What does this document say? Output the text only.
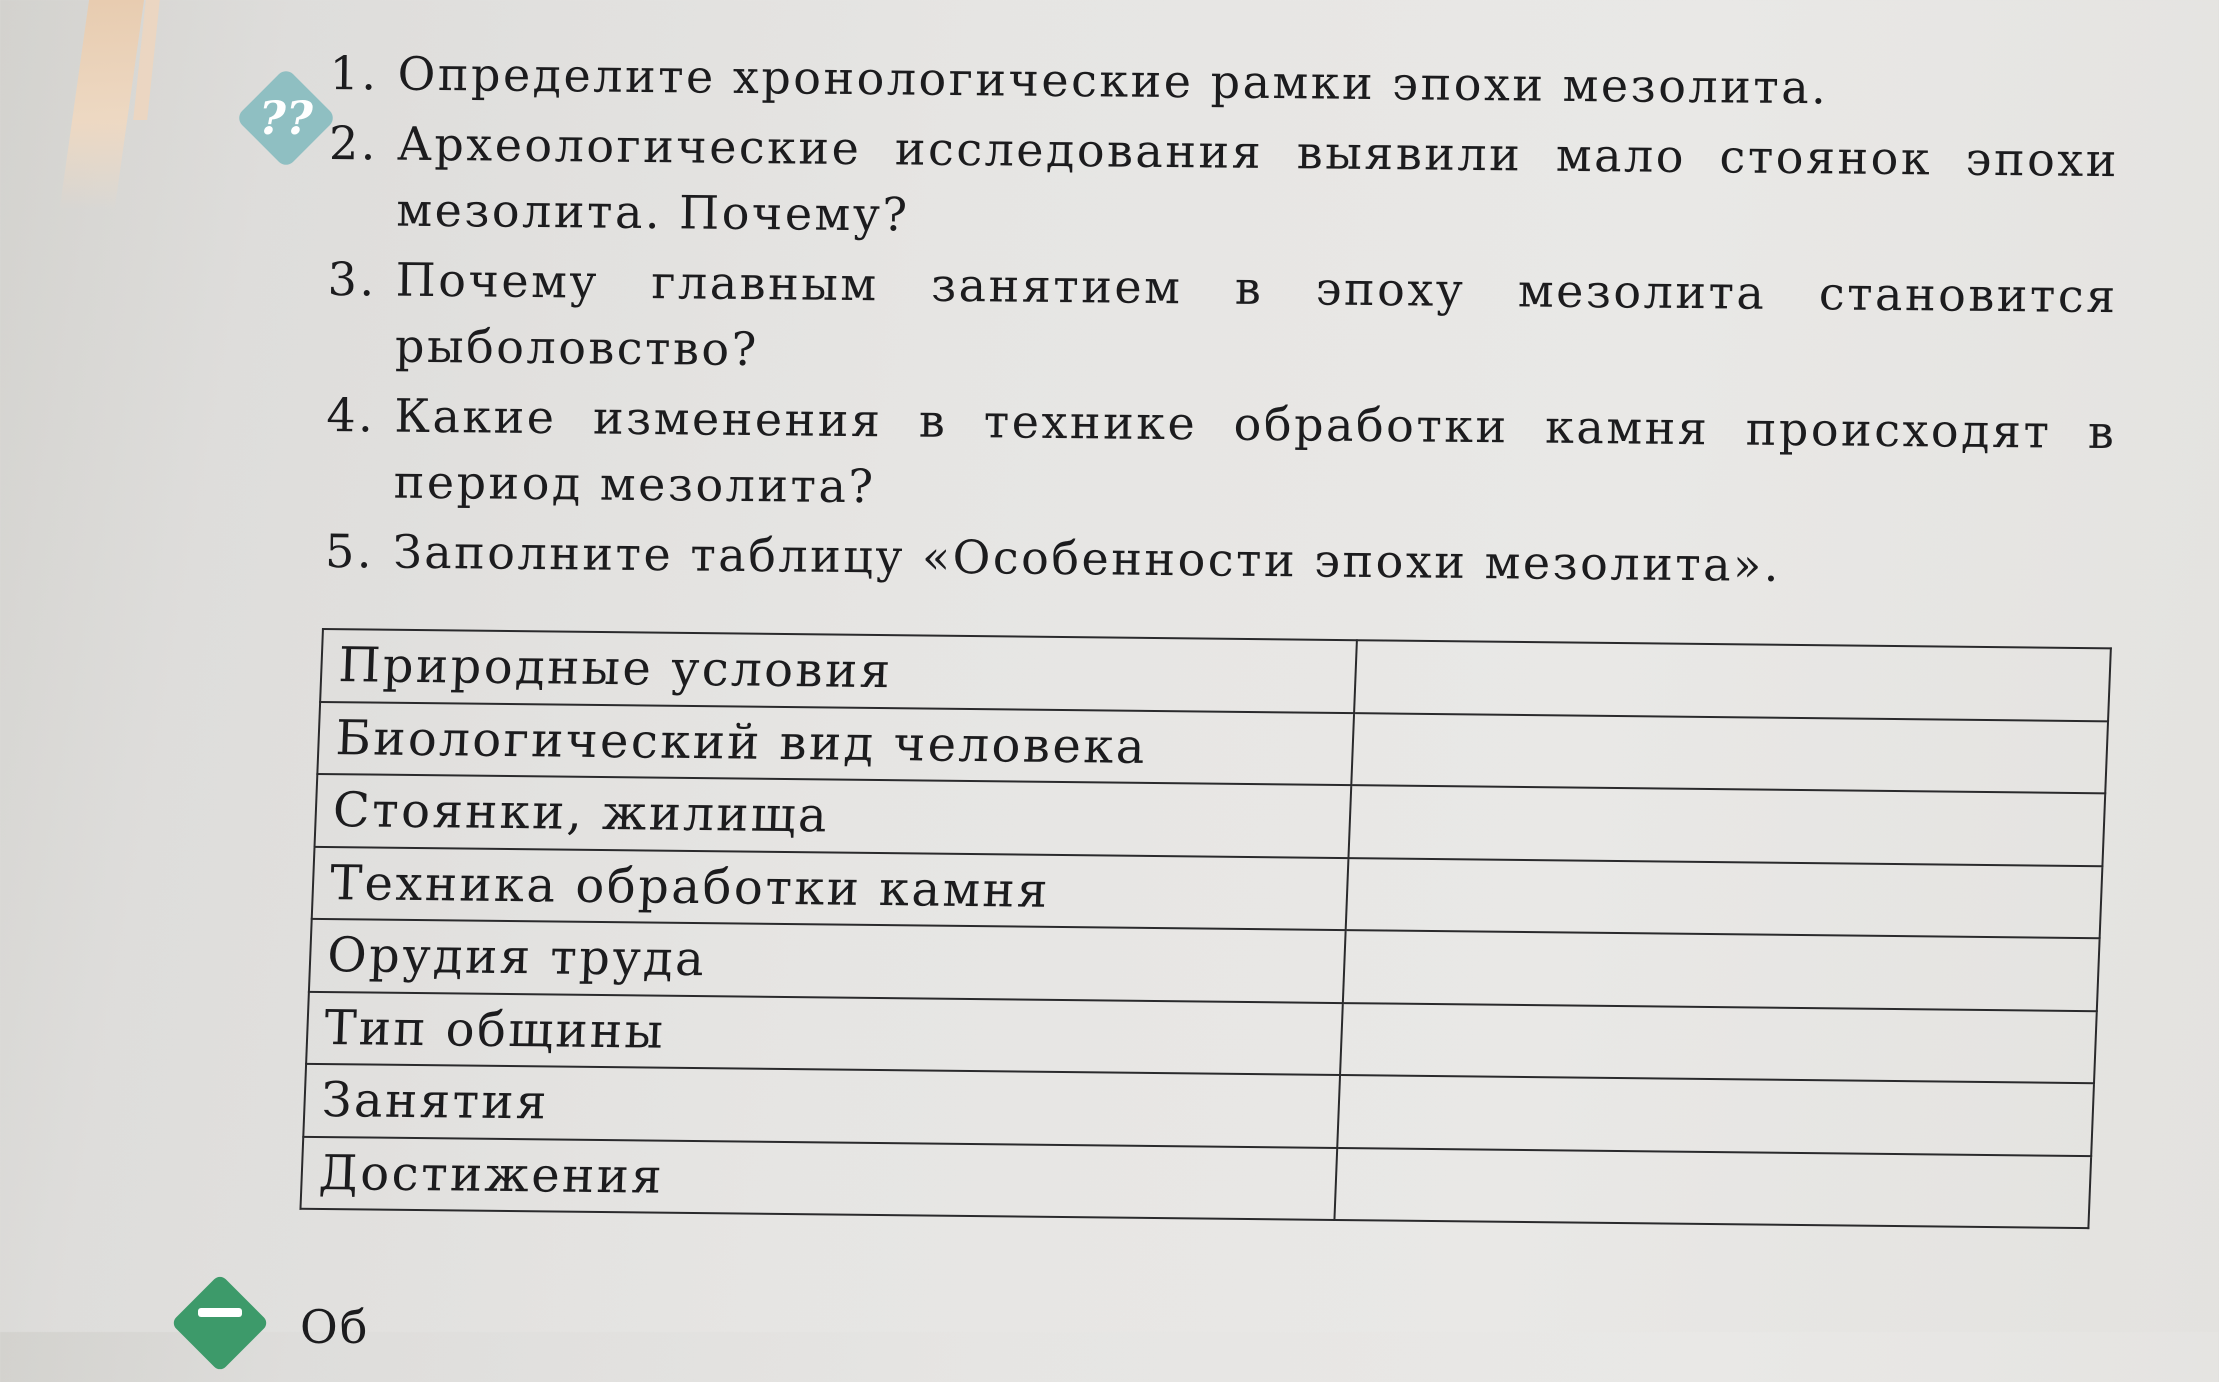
??
1. Определите хронологические рамки эпохи мезолита.
2. Археологические исследования выявили мало стоянок эпохи мезолита. Почему?
3. Почему главным занятием в эпоху мезолита становится рыболовство?
4. Какие изменения в технике обработки камня происходят в период мезолита?
5. Заполните таблицу «Особенности эпохи мезолита».
Природные условия	
Биологический вид человека	
Стоянки, жилища	
Техника обработки камня	
Орудия труда	
Тип общины	
Занятия	
Достижения	
Об
